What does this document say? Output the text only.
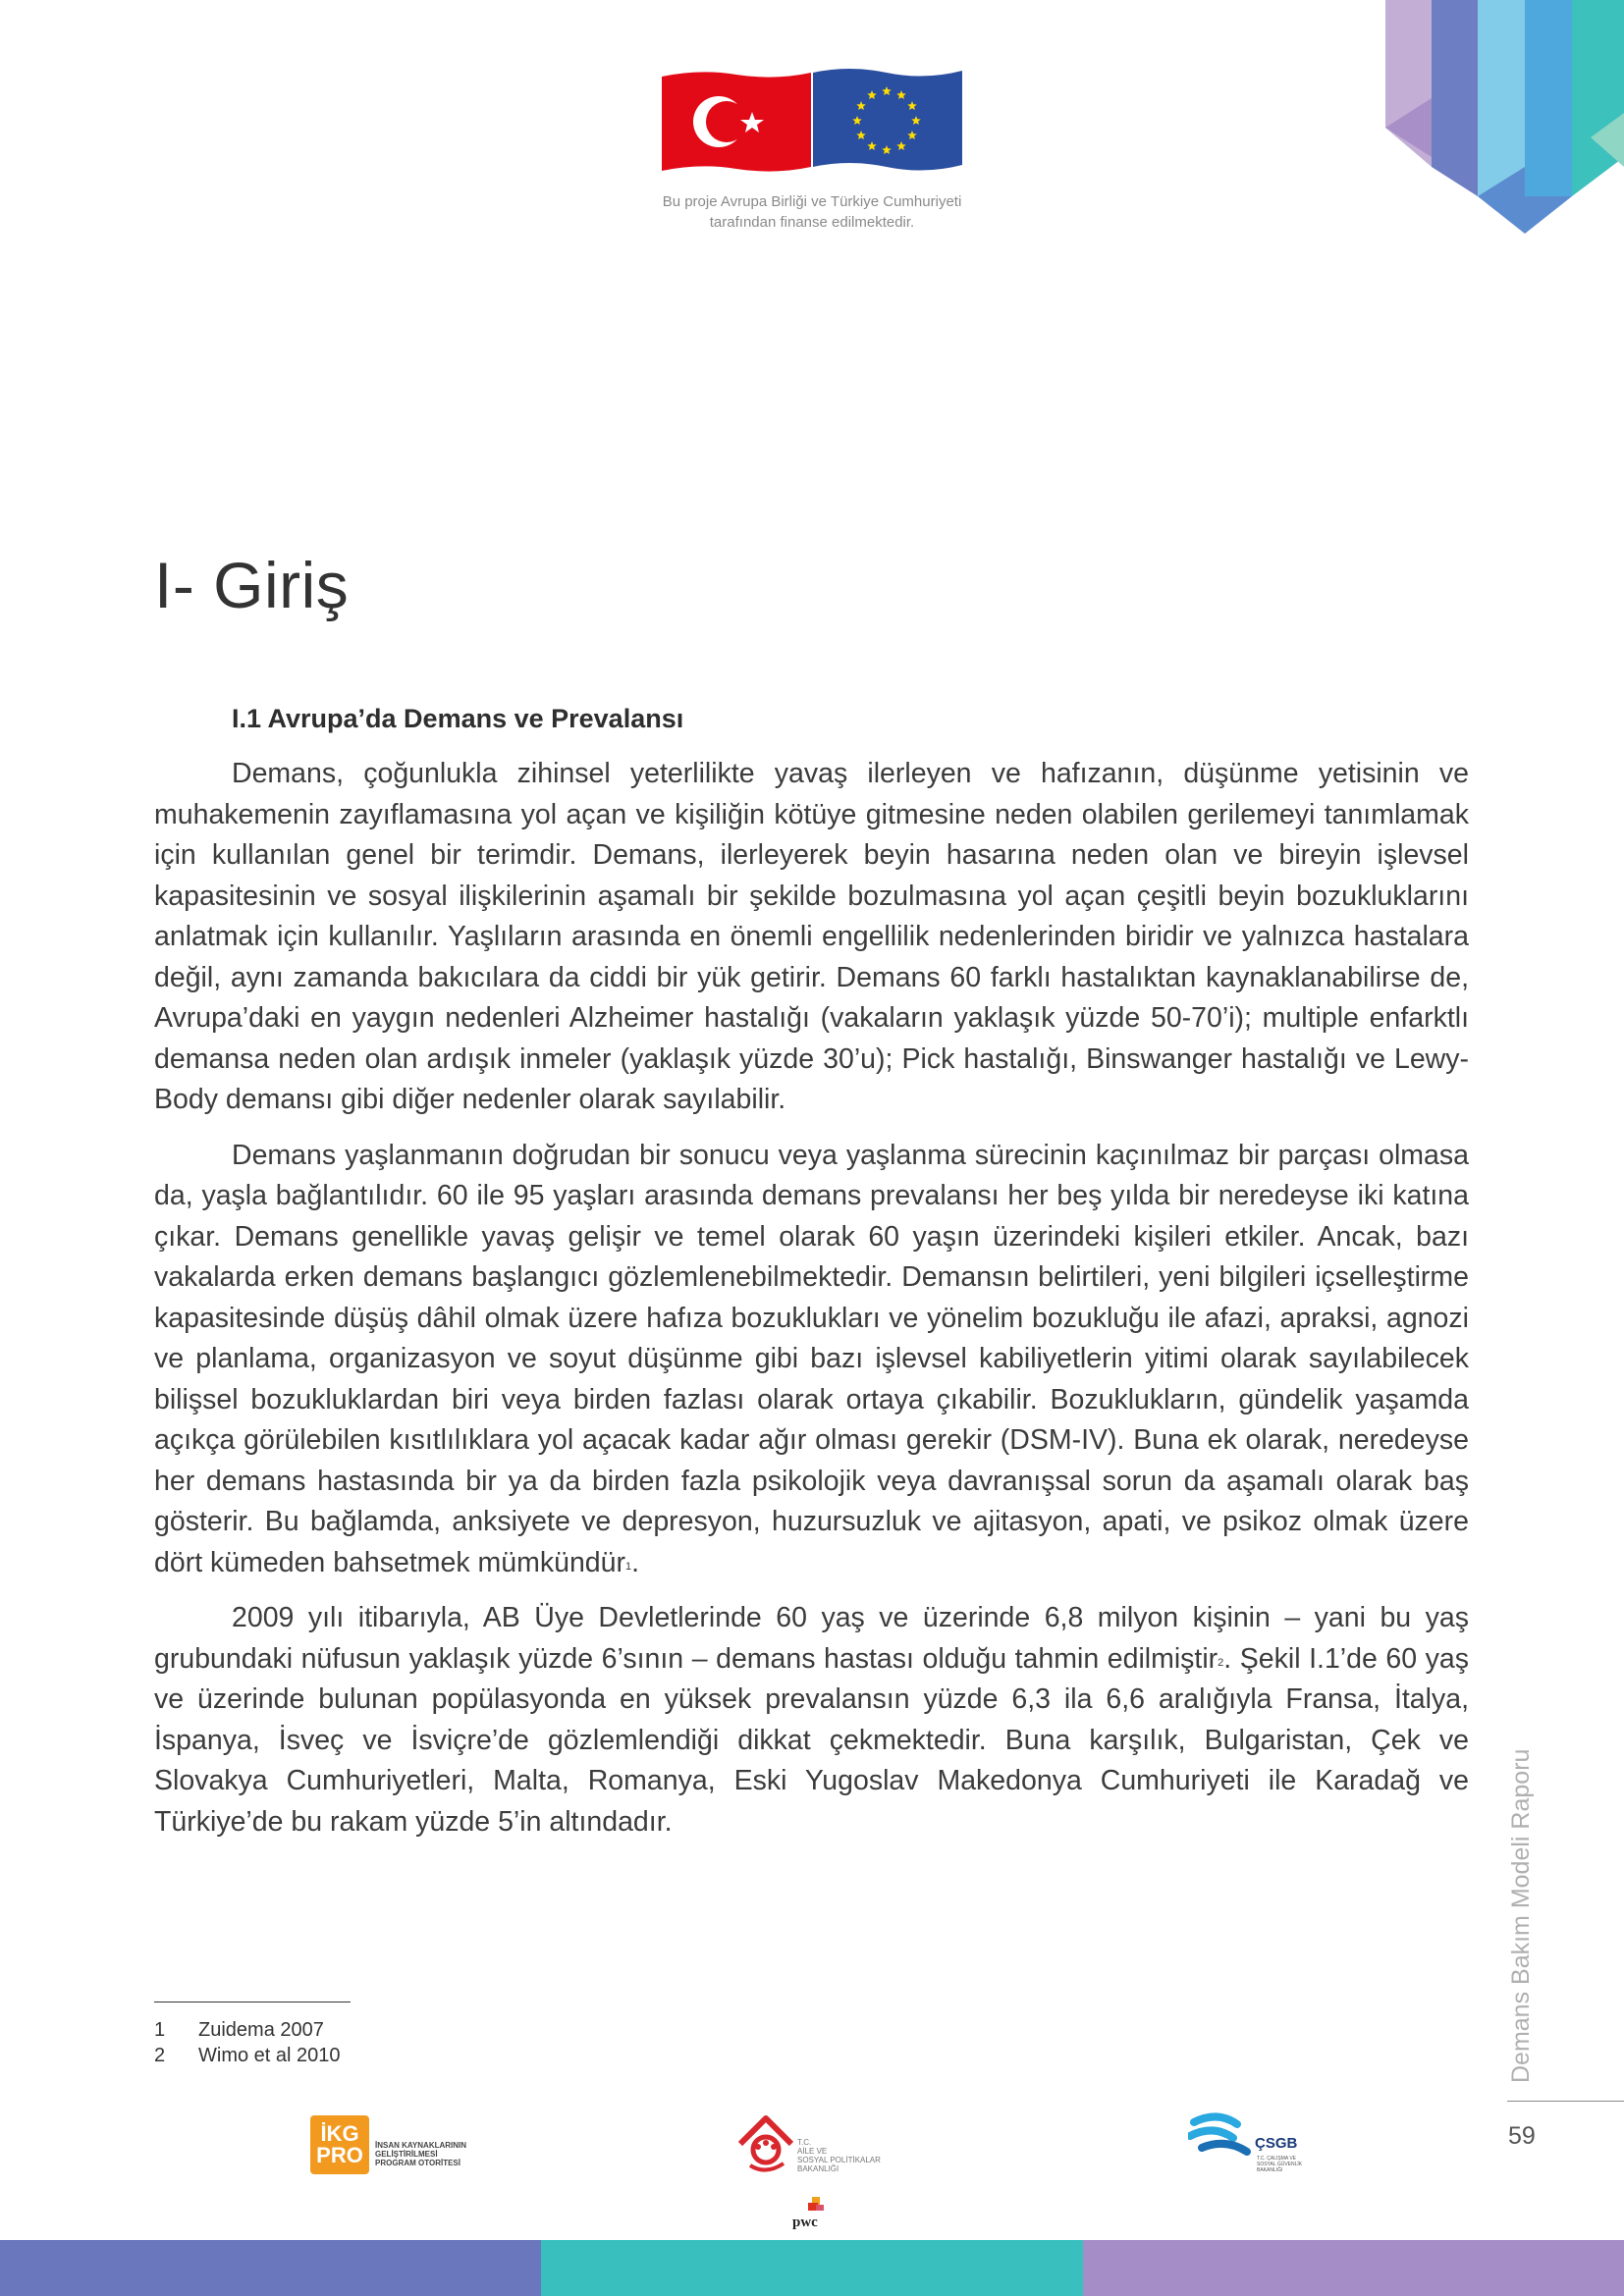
Bu proje Avrupa Birliği ve Türkiye Cumhuriyeti
tarafından finanse edilmektedir.
I- Giriş
I.1 Avrupa’da Demans ve Prevalansı

Demans, çoğunlukla zihinsel yeterlilikte yavaş ilerleyen ve hafızanın, düşünme yetisinin ve muhakemenin zayıflamasına yol açan ve kişiliğin kötüye gitmesine neden olabilen gerilemeyi tanımlamak için kullanılan genel bir terimdir. Demans, ilerleyerek beyin hasarına neden olan ve bireyin işlevsel kapasitesinin ve sosyal ilişkilerinin aşamalı bir şekilde bozulmasına yol açan çeşitli beyin bozukluklarını anlatmak için kullanılır. Yaşlıların arasında en önemli engellilik nedenlerinden biridir ve yalnızca hastalara değil, aynı zamanda bakıcılara da ciddi bir yük getirir. Demans 60 farklı hastalıktan kaynaklanabilirse de, Avrupa’daki en yaygın nedenleri Alzheimer hastalığı (vakaların yaklaşık yüzde 50-70’i); multiple enfarktlı demansa neden olan ardışık inmeler (yaklaşık yüzde 30’u); Pick hastalığı, Binswanger hastalığı ve Lewy-Body demansı gibi diğer nedenler olarak sayılabilir.

Demans yaşlanmanın doğrudan bir sonucu veya yaşlanma sürecinin kaçınılmaz bir parçası olmasa da, yaşla bağlantılıdır. 60 ile 95 yaşları arasında demans prevalansı her beş yılda bir neredeyse iki katına çıkar. Demans genellikle yavaş gelişir ve temel olarak 60 yaşın üzerindeki kişileri etkiler. Ancak, bazı vakalarda erken demans başlangıcı gözlemlenebilmektedir. Demansın belirtileri, yeni bilgileri içselleştirme kapasitesinde düşüş dâhil olmak üzere hafıza bozuklukları ve yönelim bozukluğu ile afazi, apraksi, agnozi ve planlama, organizasyon ve soyut düşünme gibi bazı işlevsel kabiliyetlerin yitimi olarak sayılabilecek bilişsel bozukluklardan biri veya birden fazlası olarak ortaya çıkabilir. Bozuklukların, gündelik yaşamda açıkça görülebilen kısıtlılıklara yol açacak kadar ağır olması gerekir (DSM-IV). Buna ek olarak, neredeyse her demans hastasında bir ya da birden fazla psikolojik veya davranışsal sorun da aşamalı olarak baş gösterir. Bu bağlamda, anksiyete ve depresyon, huzursuzluk ve ajitasyon, apati, ve psikoz olmak üzere dört kümeden bahsetmek mümkündür$^1$.

2009 yılı itibarıyla, AB Üye Devletlerinde 60 yaş ve üzerinde 6,8 milyon kişinin – yani bu yaş grubundaki nüfusun yaklaşık yüzde 6’sının – demans hastası olduğu tahmin edilmiştir$^2$. Şekil I.1’de 60 yaş ve üzerinde bulunan popülasyonda en yüksek prevalansın yüzde 6,3 ila 6,6 aralığıyla Fransa, İtalya, İspanya, İsveç ve İsviçre’de gözlemlendiği dikkat çekmektedir. Buna karşılık, Bulgaristan, Çek ve Slovakya Cumhuriyetleri, Malta, Romanya, Eski Yugoslav Makedonya Cumhuriyeti ile Karadağ ve Türkiye’de bu rakam yüzde 5’in altındadır.

1	Zuidema 2007
2	Wimo et al 2010	Demans Bakım Modeli Raporu
59
İKG
PRO	İNSAN KAYNAKLARININ
GELİŞTİRİLMESİ
PROGRAM OTORİTESİ
T.C.
AİLE VE
SOSYAL POLİTİKALAR
BAKANLIĞI
pwc
ÇSGB
T.C. ÇALIŞMA VE
SOSYAL GÜVENLİK
BAKANLIĞI
